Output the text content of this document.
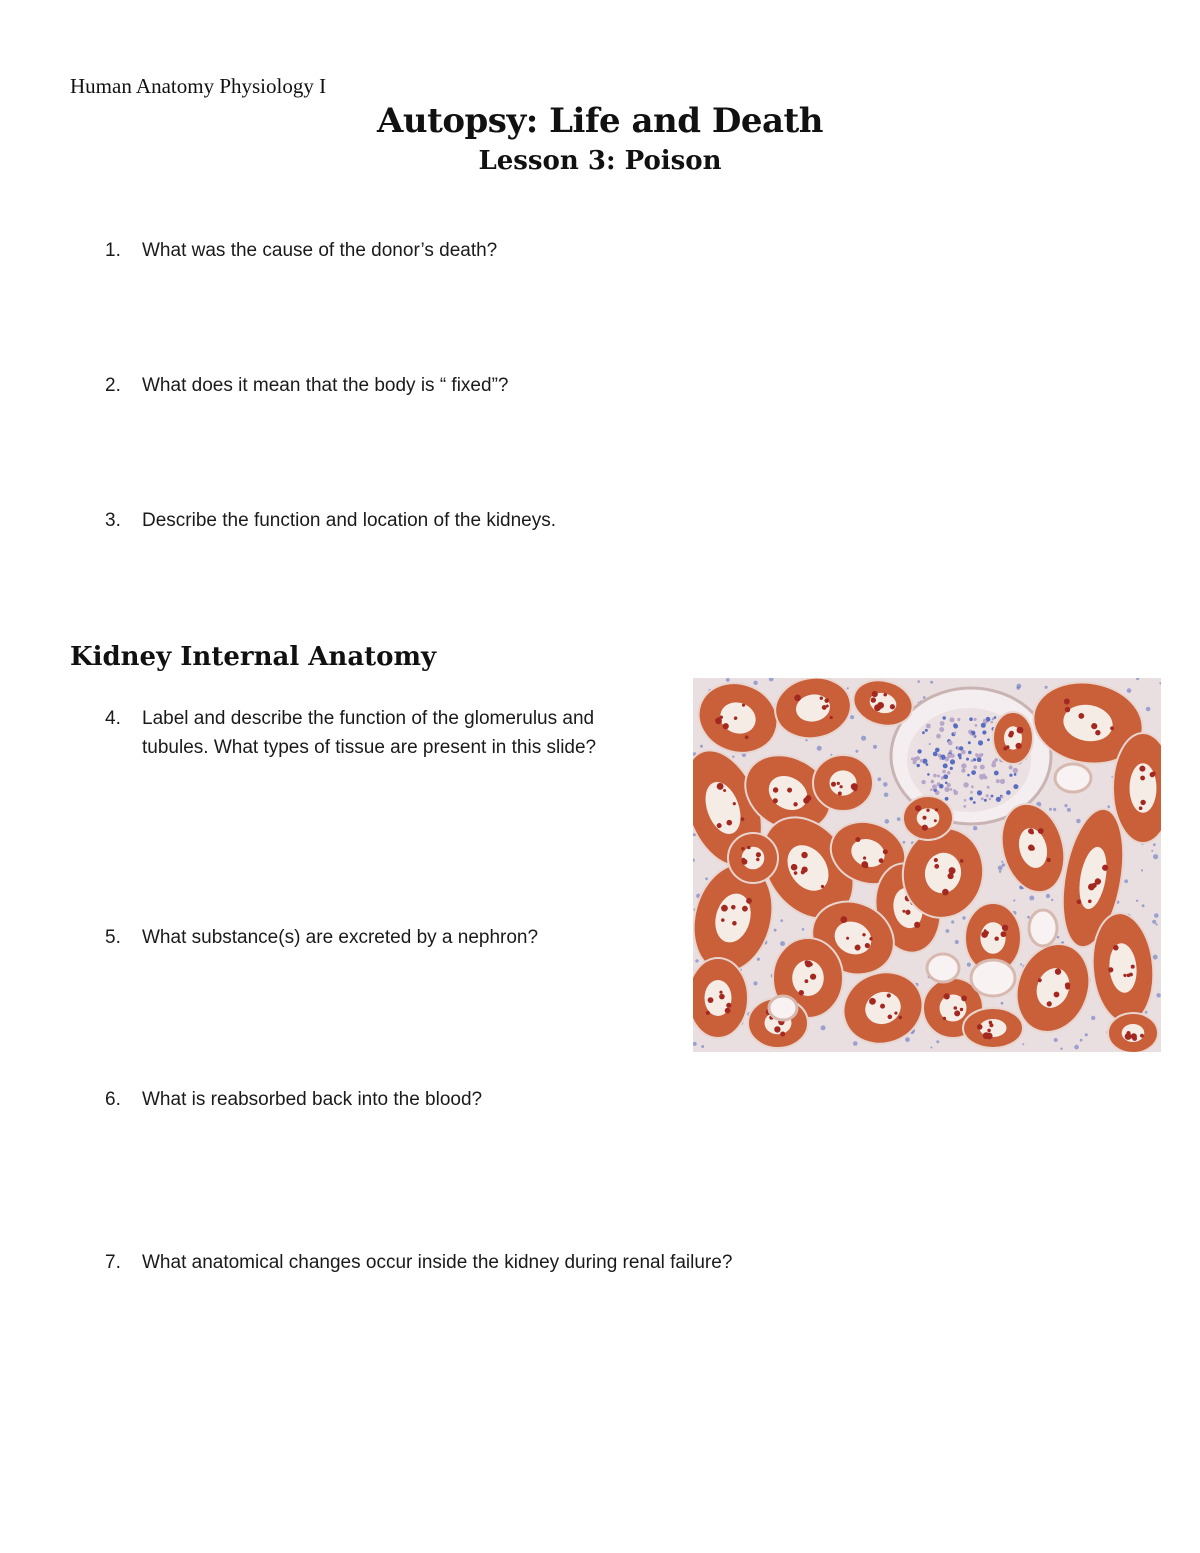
Human Anatomy Physiology I
Autopsy: Life and Death
Lesson 3: Poison
1.	What was the cause of the donor’s death?
2.	What does it mean that the body is “ fixed”?
3.	Describe the function and location of the kidneys.
Kidney Internal Anatomy
4.	Label and describe the function of the glomerulus and tubules. What types of tissue are present in this slide?
5.	What substance(s) are excreted by a nephron?
6.	What is reabsorbed back into the blood?
7.	What anatomical changes occur inside the kidney during renal failure?
